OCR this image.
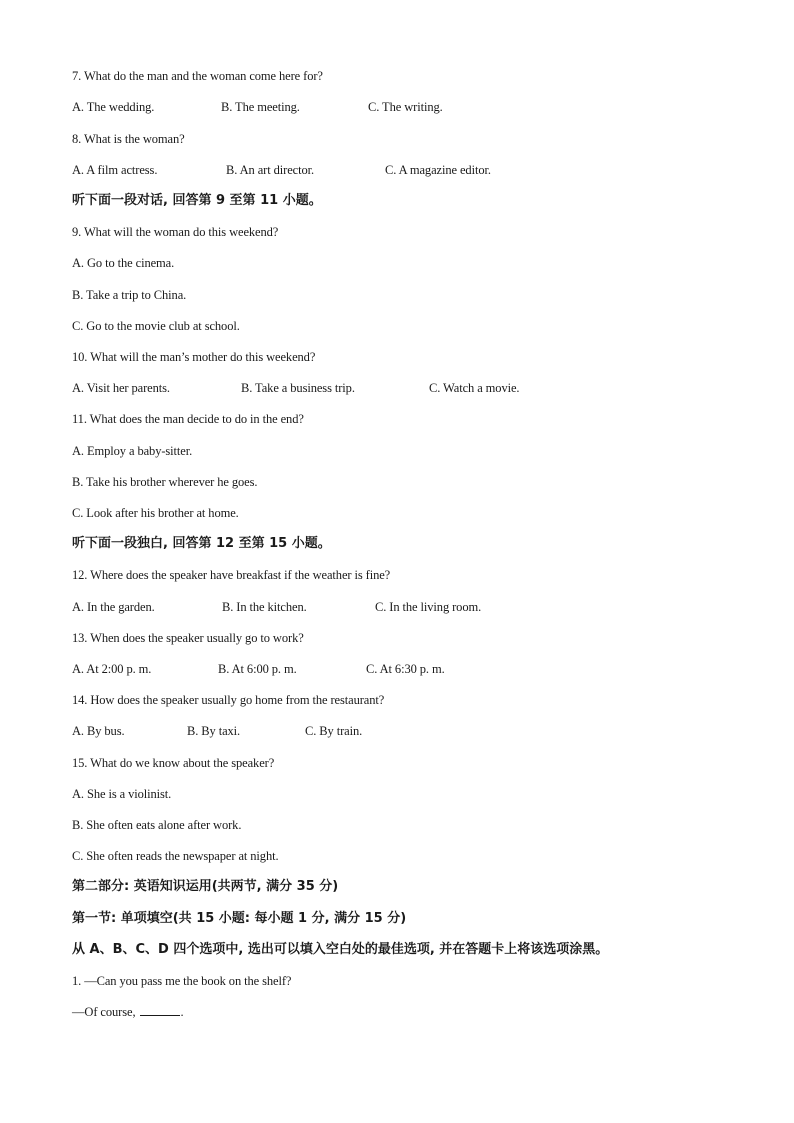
7. What do the man and the woman come here for?
A. The wedding.	B. The meeting.	C. The writing.
8. What is the woman?
A. A film actress.	B. An art director.	C. A magazine editor.
听下面一段对话, 回答第 9 至第 11 小题。
9. What will the woman do this weekend?
A. Go to the cinema.
B. Take a trip to China.
C. Go to the movie club at school.
10. What will the man’s mother do this weekend?
A. Visit her parents.	B. Take a business trip.	C. Watch a movie.
11. What does the man decide to do in the end?
A. Employ a baby-sitter.
B. Take his brother wherever he goes.
C. Look after his brother at home.
听下面一段独白, 回答第 12 至第 15 小题。
12. Where does the speaker have breakfast if the weather is fine?
A. In the garden.	B. In the kitchen.	C. In the living room.
13. When does the speaker usually go to work?
A. At 2:00 p. m.	B. At 6:00 p. m.	C. At 6:30 p. m.
14. How does the speaker usually go home from the restaurant?
A. By bus.	B. By taxi.	C. By train.
15. What do we know about the speaker?
A. She is a violinist.
B. She often eats alone after work.
C. She often reads the newspaper at night.
第二部分: 英语知识运用(共两节, 满分 35 分)
第一节: 单项填空(共 15 小题: 每小题 1 分, 满分 15 分)
从 A、B、C、D 四个选项中, 选出可以填入空白处的最佳选项, 并在答题卡上将该选项涂黑。
1. —Can you pass me the book on the shelf?
—Of course,	.
